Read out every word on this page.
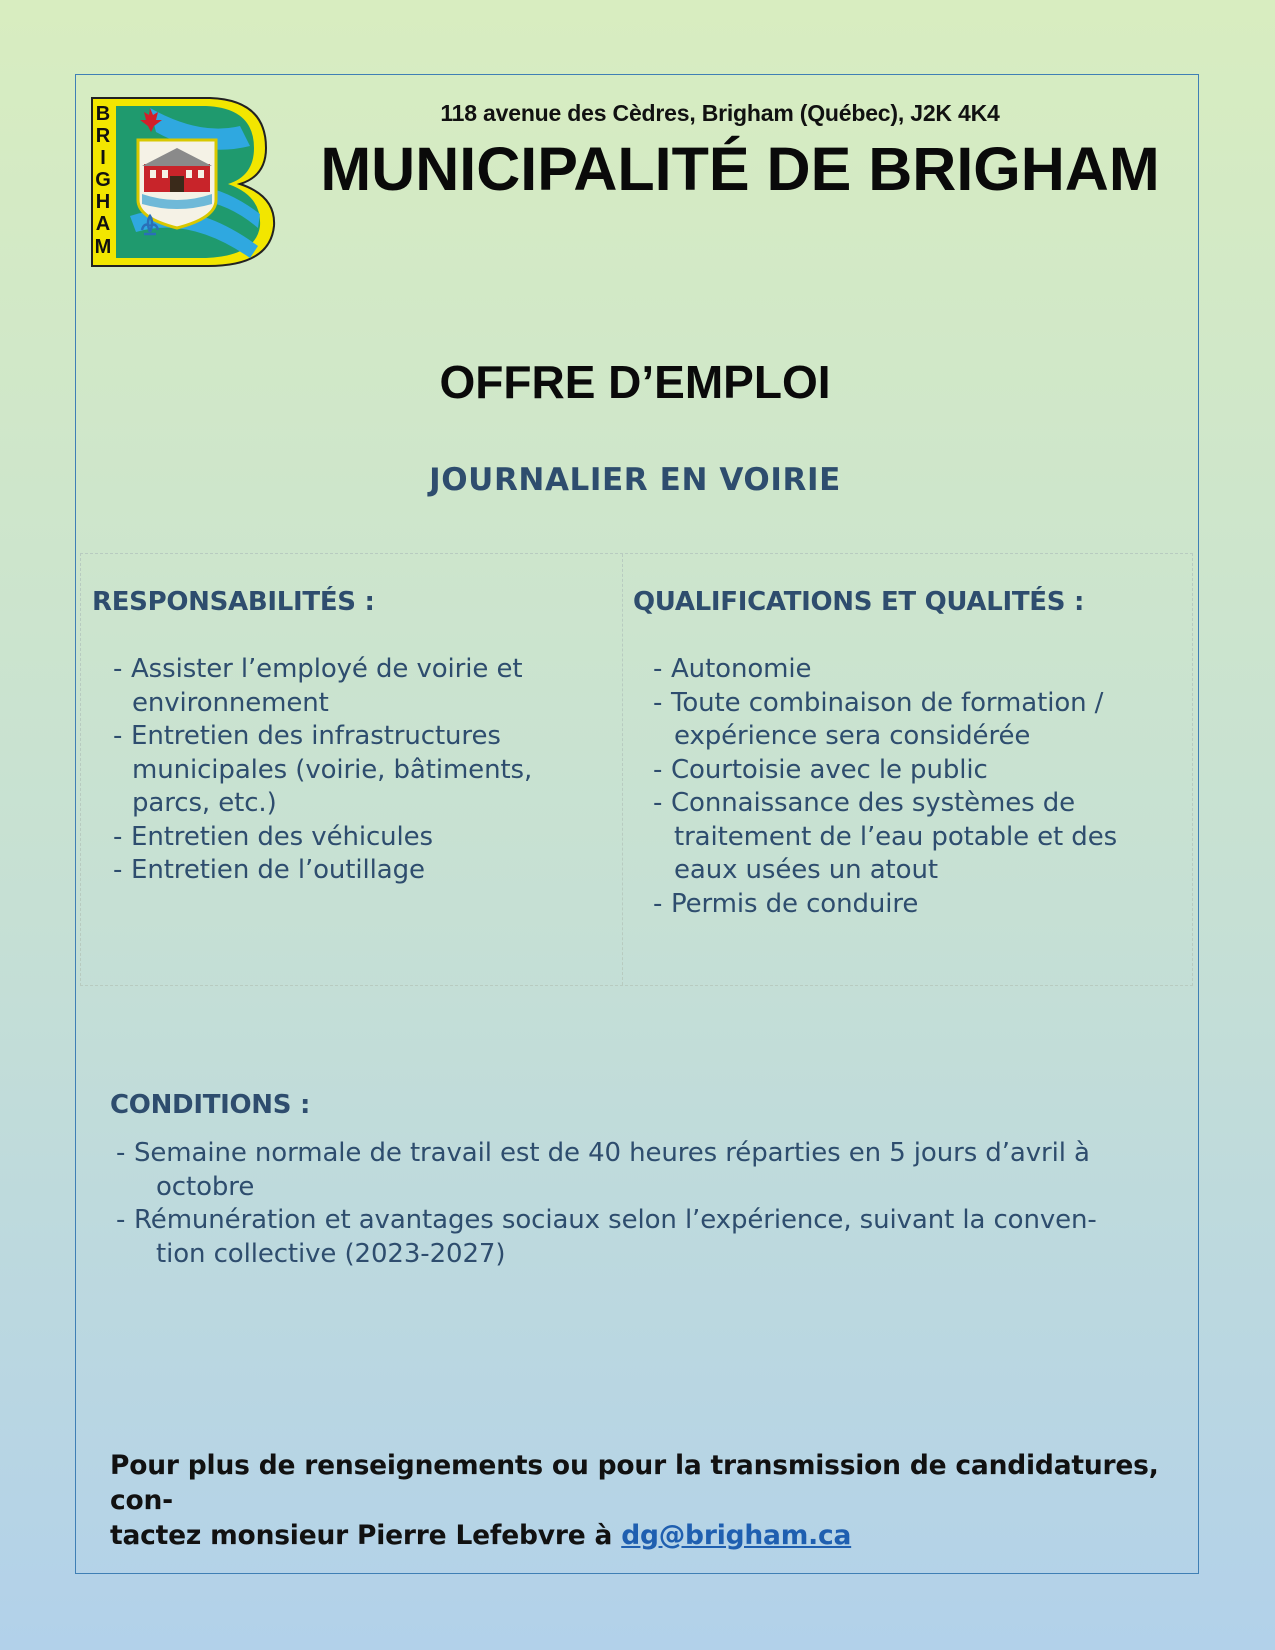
B
R
I
G
H
A
M
118 avenue des Cèdres, Brigham (Québec), J2K 4K4
MUNICIPALITÉ DE BRIGHAM
OFFRE D’EMPLOI
JOURNALIER EN VOIRIE
RESPONSABILITÉS :
- Assister l’employé de voirie et
environnement
- Entretien des infrastructures
municipales (voirie, bâtiments,
parcs, etc.)
- Entretien des véhicules
- Entretien de l’outillage
QUALIFICATIONS ET QUALITÉS :
- Autonomie
- Toute combinaison de formation /
expérience sera considérée
- Courtoisie avec le public
- Connaissance des systèmes de
traitement de l’eau potable et des
eaux usées un atout
- Permis de conduire
CONDITIONS :
- Semaine normale de travail est de 40 heures réparties en 5 jours d’avril à
octobre
- Rémunération et avantages sociaux selon l’expérience, suivant la conven-
tion collective (2023-2027)
Pour plus de renseignements ou pour la transmission de candidatures, con-
tactez monsieur Pierre Lefebvre à dg@brigham.ca
